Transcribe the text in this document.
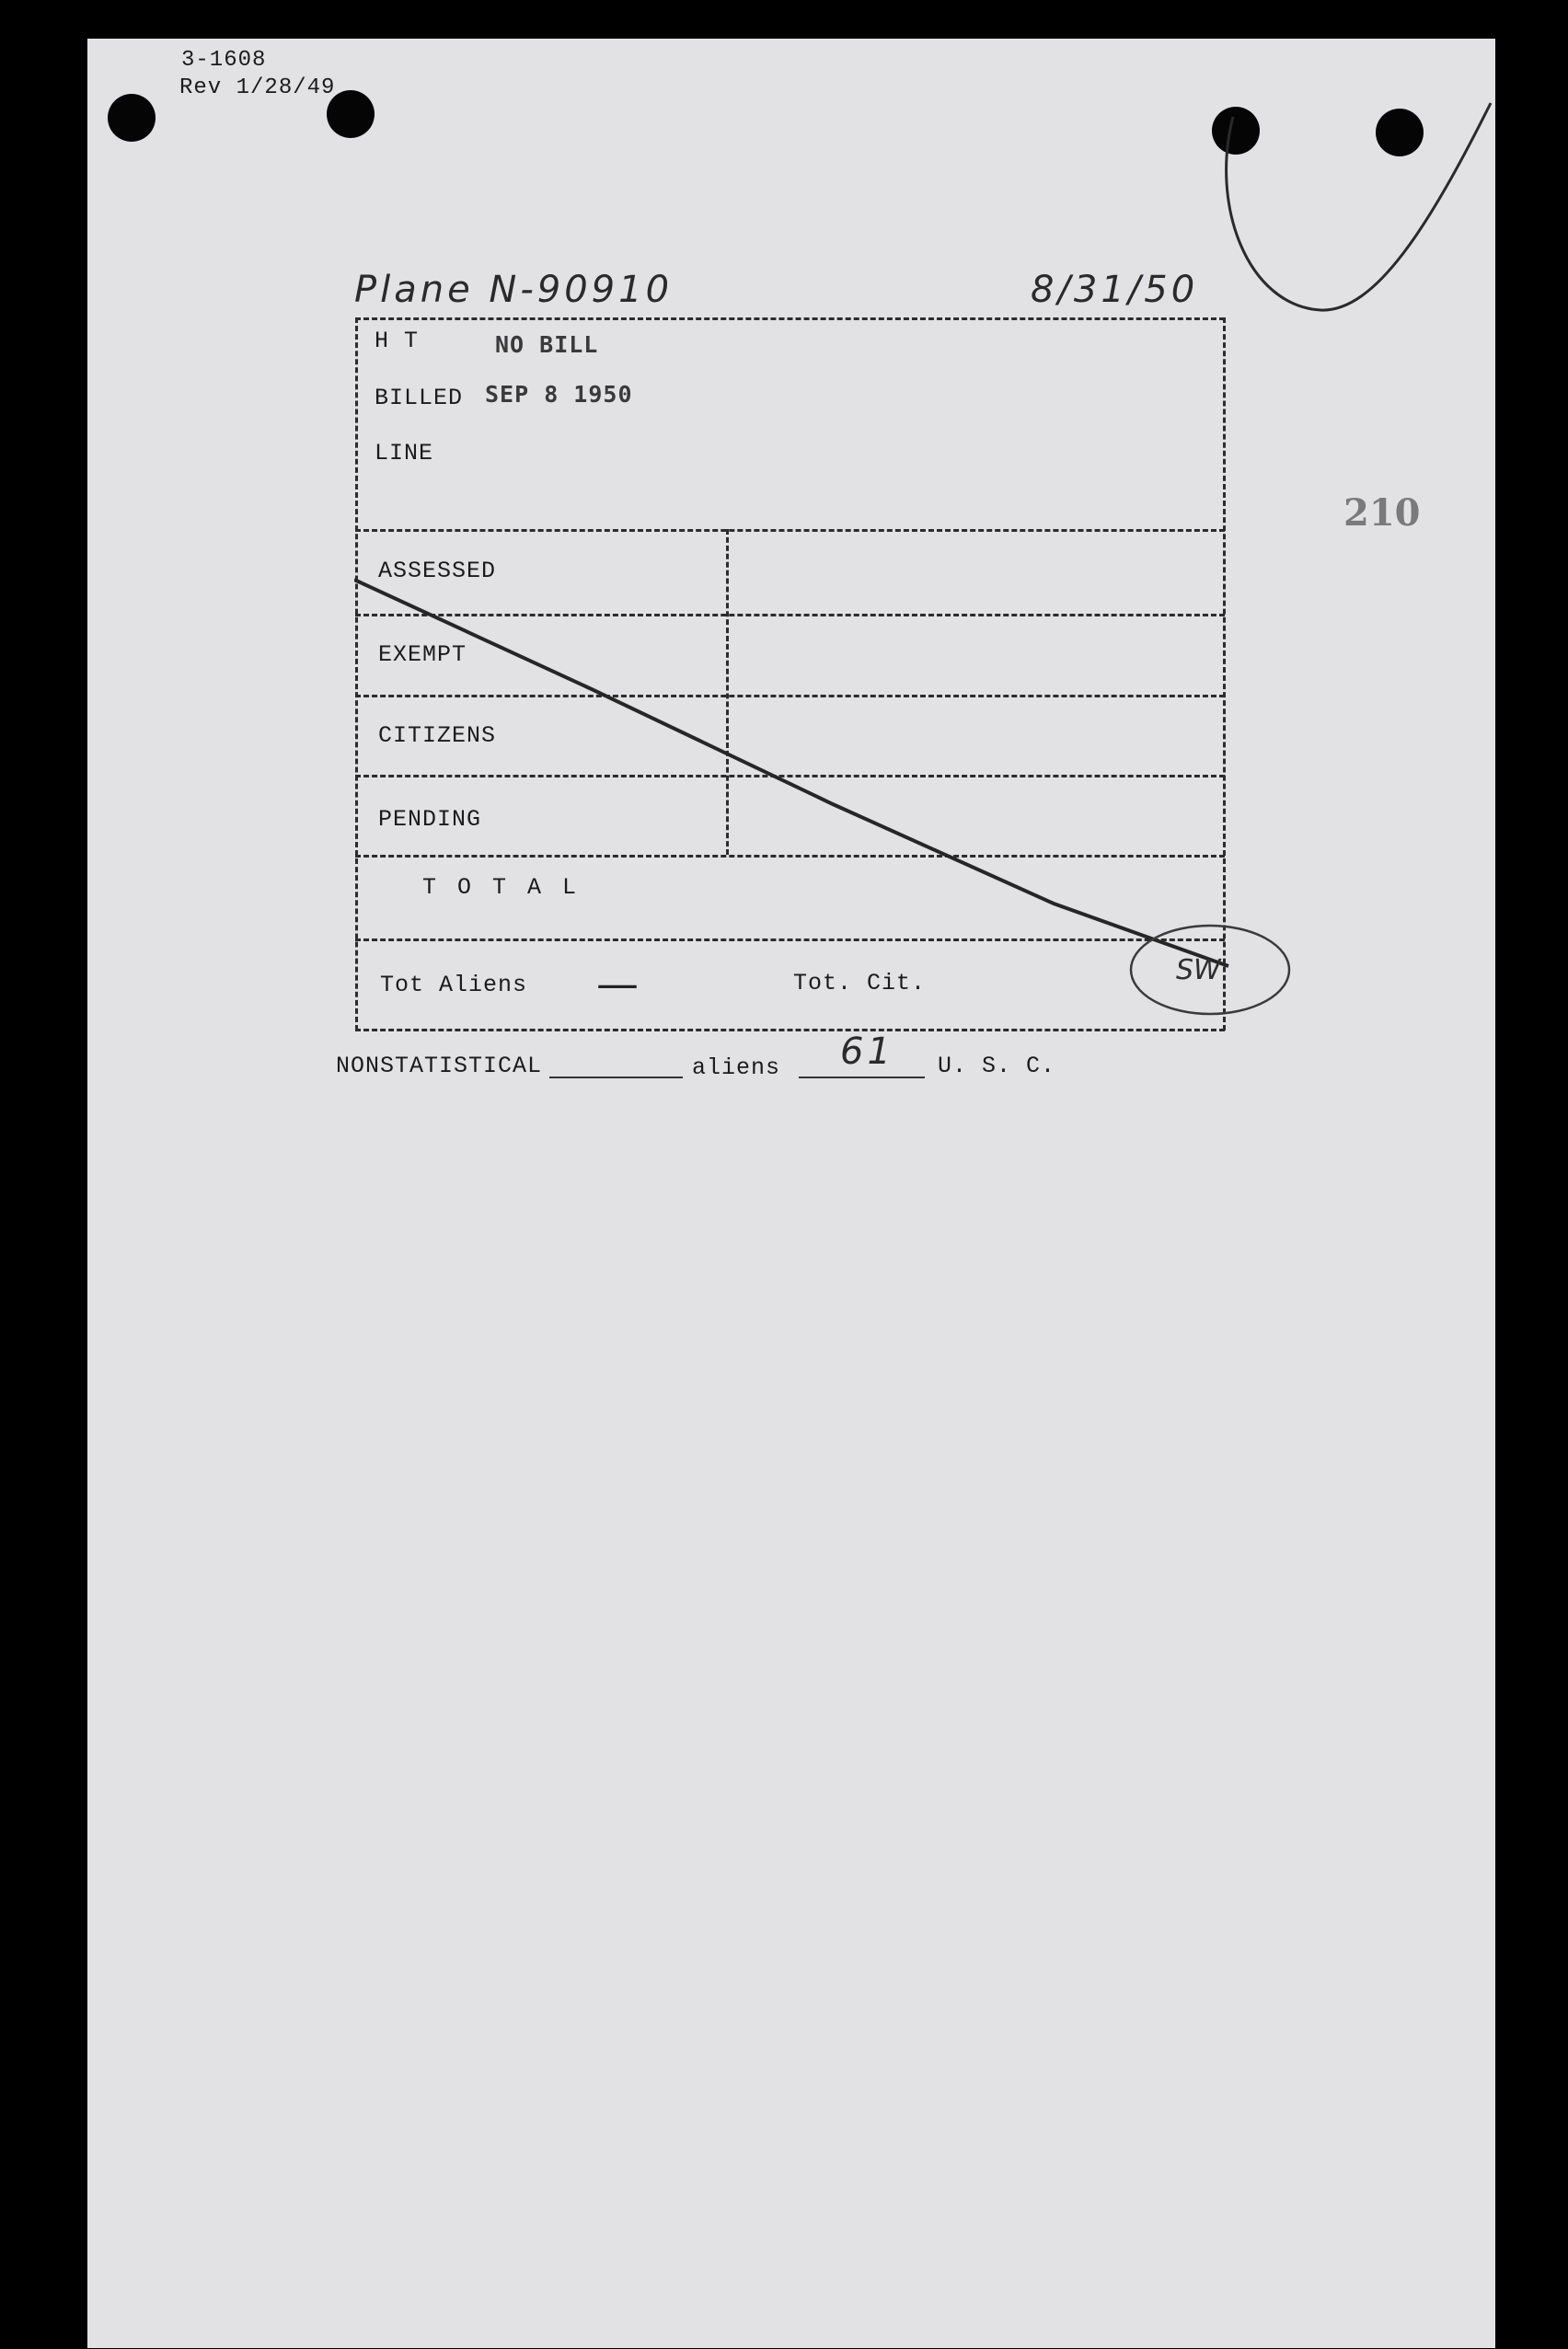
3-1608
Rev 1/28/49
Plane N-90910	8/31/50
210
H T	NO BILL
BILLED SEP 8 1950
LINE
ASSESSED
EXEMPT
CITIZENS
PENDING
T O T A L
Tot Aliens —	Tot. Cit.	SW
NONSTATISTICAL	aliens 61 U. S. C.
